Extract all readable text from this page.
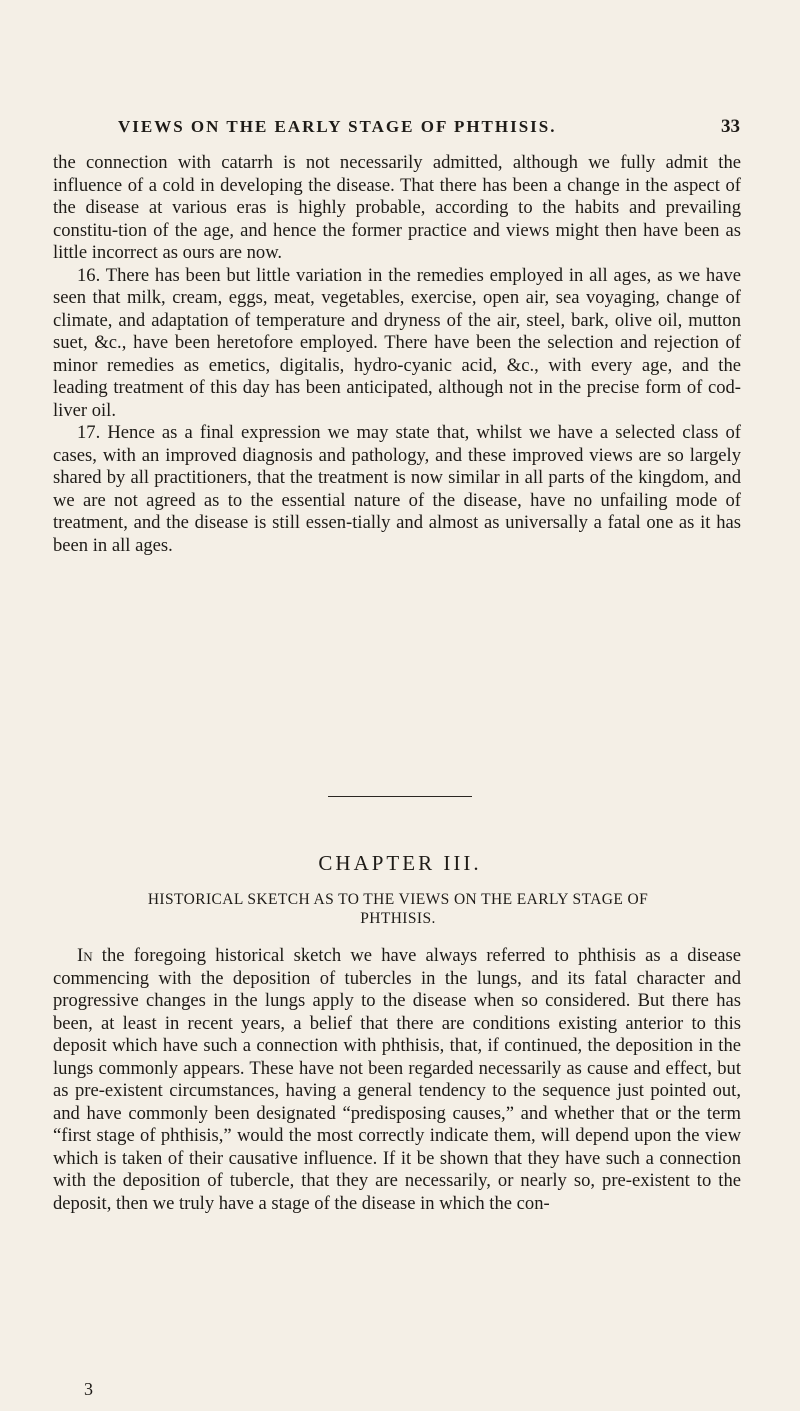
VIEWS ON THE EARLY STAGE OF PHTHISIS.	33

the connection with catarrh is not necessarily admitted, although we fully admit the influence of a cold in developing the disease. That there has been a change in the aspect of the disease at various eras is highly probable, according to the habits and prevailing constitu-tion of the age, and hence the former practice and views might then have been as little incorrect as ours are now.

16. There has been but little variation in the remedies employed in all ages, as we have seen that milk, cream, eggs, meat, vegetables, exercise, open air, sea voyaging, change of climate, and adaptation of temperature and dryness of the air, steel, bark, olive oil, mutton suet, &c., have been heretofore employed. There have been the selection and rejection of minor remedies as emetics, digitalis, hydro-cyanic acid, &c., with every age, and the leading treatment of this day has been anticipated, although not in the precise form of cod-liver oil.

17. Hence as a final expression we may state that, whilst we have a selected class of cases, with an improved diagnosis and pathology, and these improved views are so largely shared by all practitioners, that the treatment is now similar in all parts of the kingdom, and we are not agreed as to the essential nature of the disease, have no unfailing mode of treatment, and the disease is still essen-tially and almost as universally a fatal one as it has been in all ages.

CHAPTER III.
HISTORICAL SKETCH AS TO THE VIEWS ON THE EARLY STAGE OF
PHTHISIS.

In the foregoing historical sketch we have always referred to phthisis as a disease commencing with the deposition of tubercles in the lungs, and its fatal character and progressive changes in the lungs apply to the disease when so considered. But there has been, at least in recent years, a belief that there are conditions existing anterior to this deposit which have such a connection with phthisis, that, if continued, the deposition in the lungs commonly appears. These have not been regarded necessarily as cause and effect, but as pre-existent circumstances, having a general tendency to the sequence just pointed out, and have commonly been designated “predisposing causes,” and whether that or the term “first stage of phthisis,” would the most correctly indicate them, will depend upon the view which is taken of their causative influence. If it be shown that they have such a connection with the deposition of tubercle, that they are necessarily, or nearly so, pre-existent to the deposit, then we truly have a stage of the disease in which the con-

3
